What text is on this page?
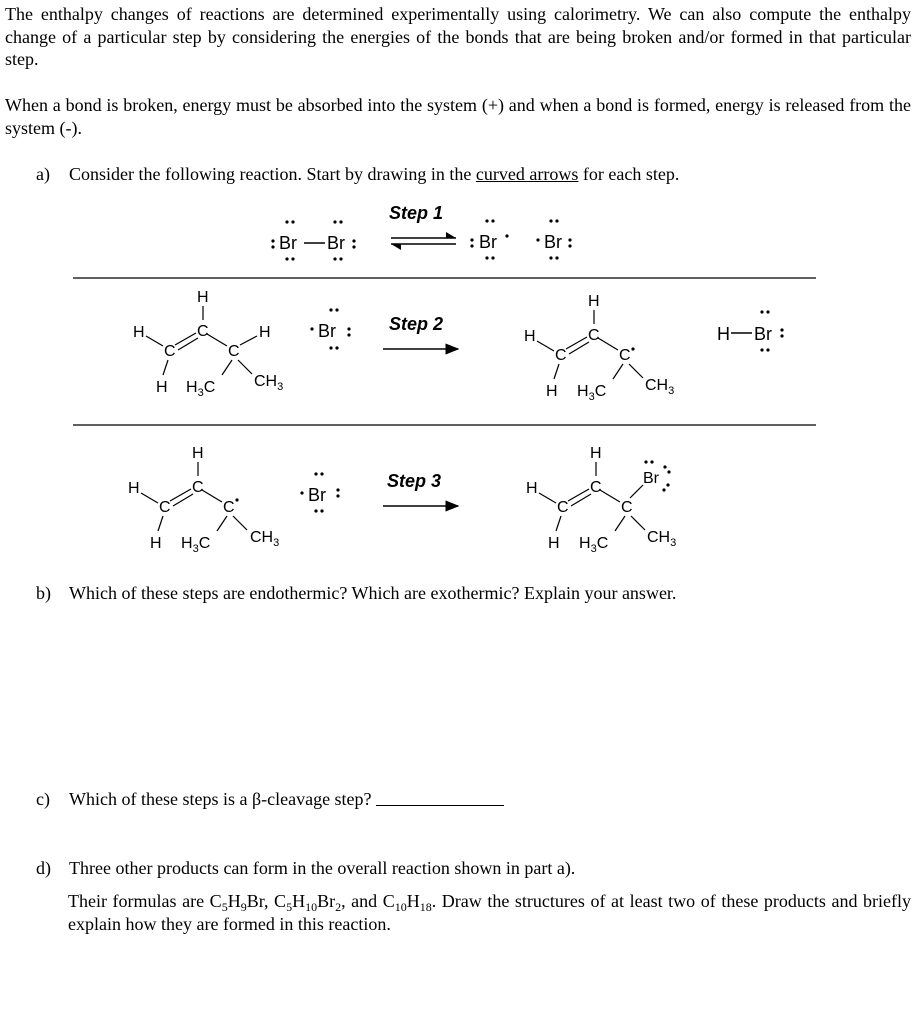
The enthalpy changes of reactions are determined experimentally using calorimetry. We can also compute the enthalpy change of a particular step by considering the energies of the bonds that are being broken and/or formed in that particular step.

When a bond is broken, energy must be absorbed into the system (+) and when a bond is formed, energy is released from the system (-).

a) Consider the following reaction. Start by drawing in the curved arrows for each step.
Br Br
Step 1
Br	Br
H
C
H
C	C
H
H $H_3C$ $CH_3$
Br	Step 2
H
C
H
C	C
H $H_3C$ $CH_3$
H Br
H
C
H
C	C
H $H_3C$ $CH_3$
Br
Step 3
H
C
H
C	C
Br
H $H_3C$ $CH_3$
b) Which of these steps are endothermic? Which are exothermic? Explain your answer.
c) Which of these steps is a β-cleavage step?
d) Three other products can form in the overall reaction shown in part a).

Their formulas are $C_5H_9Br$, $C_5H_{10}Br_2$, and $C_{10}H_{18}$. Draw the structures of at least two of these products and briefly explain how they are formed in this reaction.
